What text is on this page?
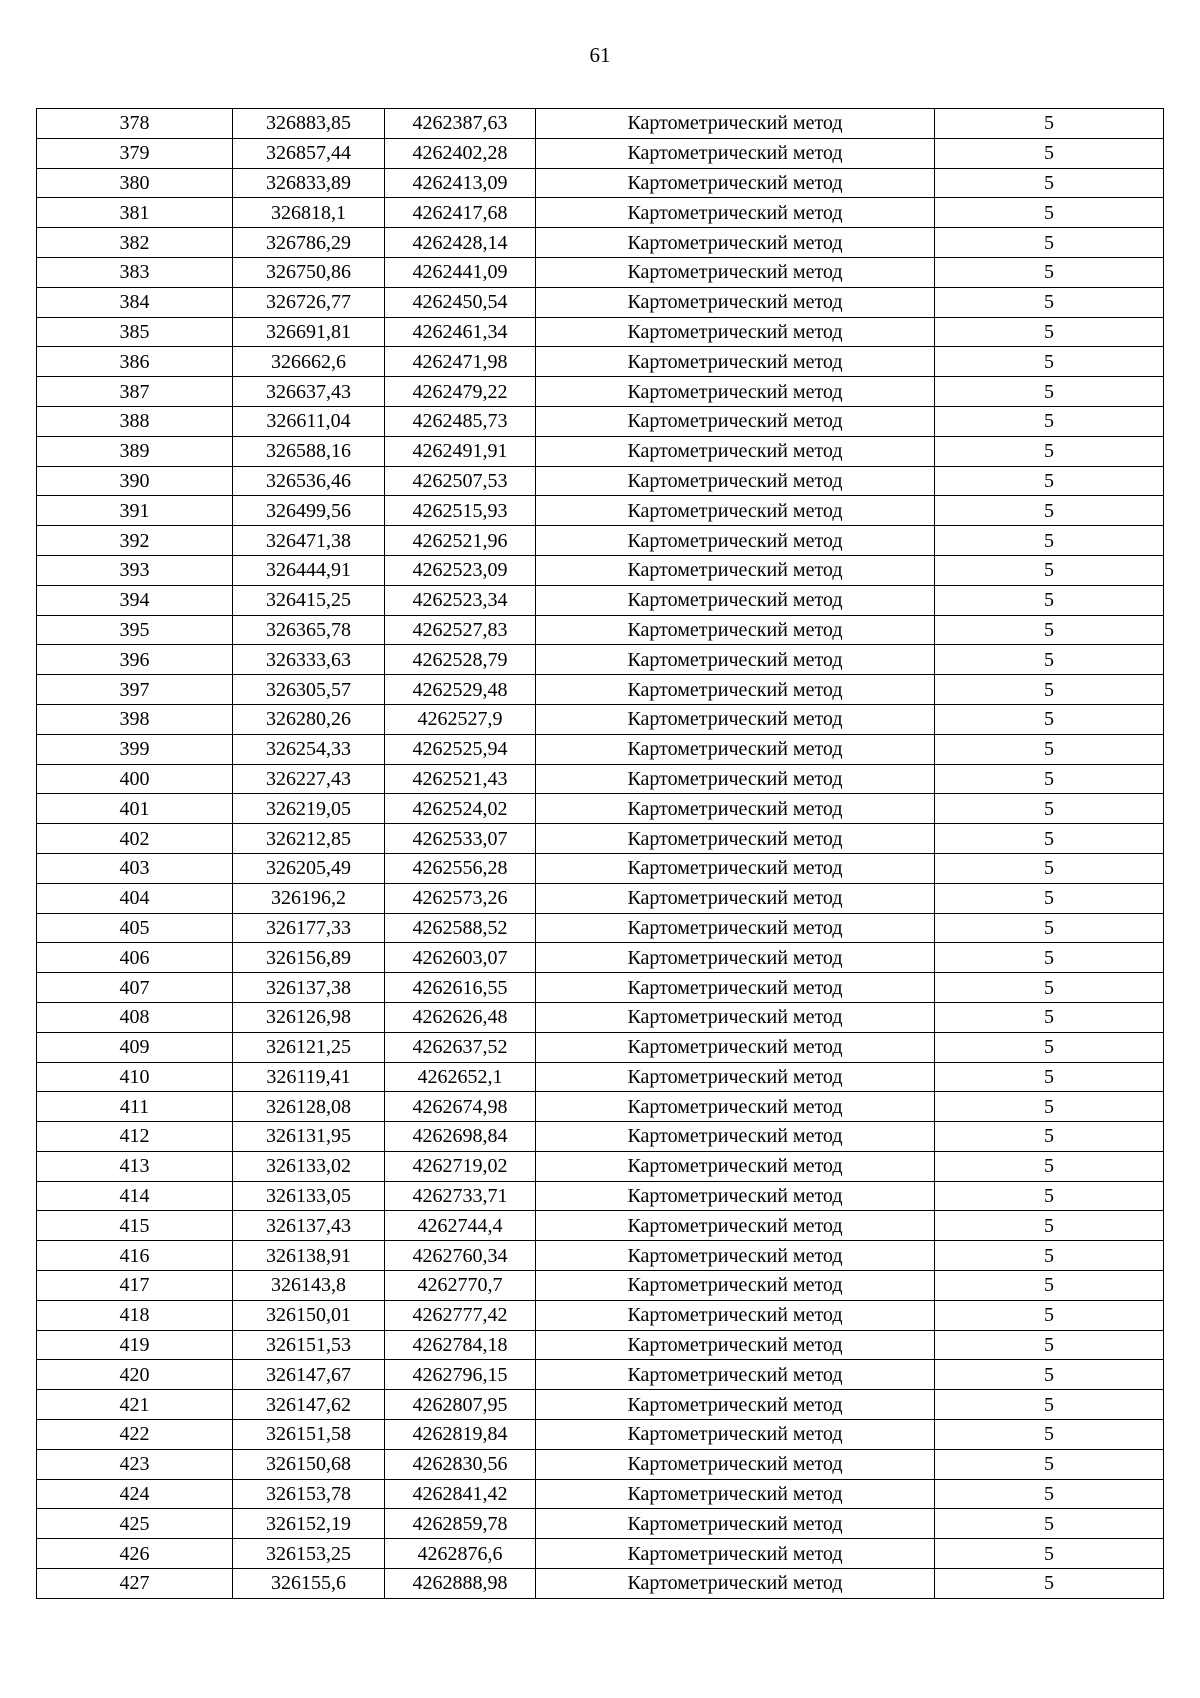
61
378	326883,85	4262387,63	Картометрический метод	5
379	326857,44	4262402,28	Картометрический метод	5
380	326833,89	4262413,09	Картометрический метод	5
381	326818,1	4262417,68	Картометрический метод	5
382	326786,29	4262428,14	Картометрический метод	5
383	326750,86	4262441,09	Картометрический метод	5
384	326726,77	4262450,54	Картометрический метод	5
385	326691,81	4262461,34	Картометрический метод	5
386	326662,6	4262471,98	Картометрический метод	5
387	326637,43	4262479,22	Картометрический метод	5
388	326611,04	4262485,73	Картометрический метод	5
389	326588,16	4262491,91	Картометрический метод	5
390	326536,46	4262507,53	Картометрический метод	5
391	326499,56	4262515,93	Картометрический метод	5
392	326471,38	4262521,96	Картометрический метод	5
393	326444,91	4262523,09	Картометрический метод	5
394	326415,25	4262523,34	Картометрический метод	5
395	326365,78	4262527,83	Картометрический метод	5
396	326333,63	4262528,79	Картометрический метод	5
397	326305,57	4262529,48	Картометрический метод	5
398	326280,26	4262527,9	Картометрический метод	5
399	326254,33	4262525,94	Картометрический метод	5
400	326227,43	4262521,43	Картометрический метод	5
401	326219,05	4262524,02	Картометрический метод	5
402	326212,85	4262533,07	Картометрический метод	5
403	326205,49	4262556,28	Картометрический метод	5
404	326196,2	4262573,26	Картометрический метод	5
405	326177,33	4262588,52	Картометрический метод	5
406	326156,89	4262603,07	Картометрический метод	5
407	326137,38	4262616,55	Картометрический метод	5
408	326126,98	4262626,48	Картометрический метод	5
409	326121,25	4262637,52	Картометрический метод	5
410	326119,41	4262652,1	Картометрический метод	5
411	326128,08	4262674,98	Картометрический метод	5
412	326131,95	4262698,84	Картометрический метод	5
413	326133,02	4262719,02	Картометрический метод	5
414	326133,05	4262733,71	Картометрический метод	5
415	326137,43	4262744,4	Картометрический метод	5
416	326138,91	4262760,34	Картометрический метод	5
417	326143,8	4262770,7	Картометрический метод	5
418	326150,01	4262777,42	Картометрический метод	5
419	326151,53	4262784,18	Картометрический метод	5
420	326147,67	4262796,15	Картометрический метод	5
421	326147,62	4262807,95	Картометрический метод	5
422	326151,58	4262819,84	Картометрический метод	5
423	326150,68	4262830,56	Картометрический метод	5
424	326153,78	4262841,42	Картометрический метод	5
425	326152,19	4262859,78	Картометрический метод	5
426	326153,25	4262876,6	Картометрический метод	5
427	326155,6	4262888,98	Картометрический метод	5
